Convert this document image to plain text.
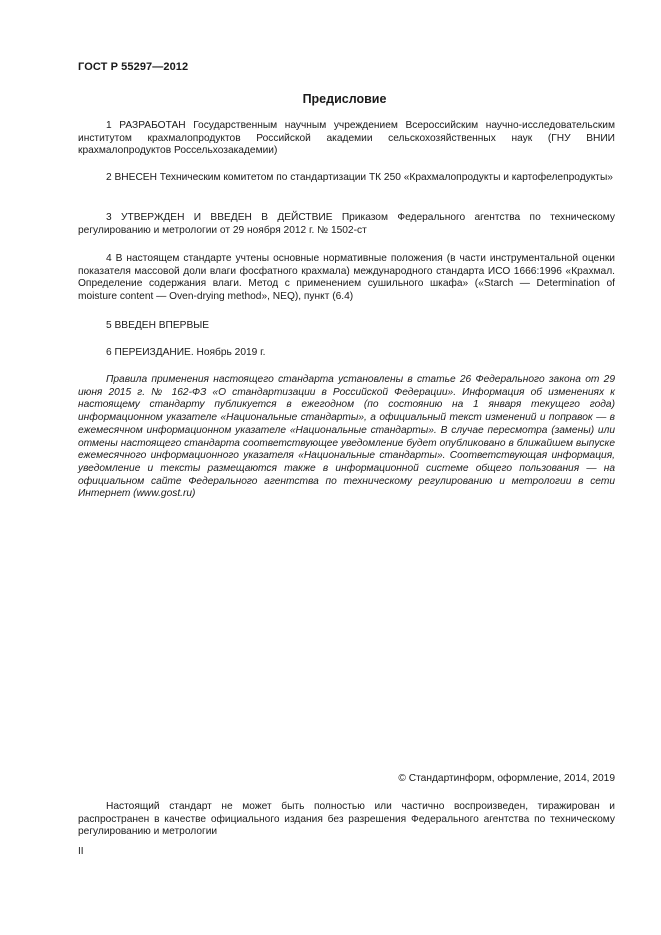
ГОСТ Р 55297—2012
Предисловие

1 РАЗРАБОТАН Государственным научным учреждением Всероссийским научно-исследовательским институтом крахмалопродуктов Российской академии сельскохозяйственных наук (ГНУ ВНИИ крахмалопродуктов Россельхозакадемии)

2 ВНЕСЕН Техническим комитетом по стандартизации ТК 250 «Крахмалопродукты и картофелепродукты»

3 УТВЕРЖДЕН И ВВЕДЕН В ДЕЙСТВИЕ Приказом Федерального агентства по техническому регулированию и метрологии от 29 ноября 2012 г. № 1502-ст

4 В настоящем стандарте учтены основные нормативные положения (в части инструментальной оценки показателя массовой доли влаги фосфатного крахмала) международного стандарта ИСО 1666:1996 «Крахмал. Определение содержания влаги. Метод с применением сушильного шкафа» («Starch — Determination of moisture content — Oven-drying method», NEQ), пункт (6.4)

5 ВВЕДЕН ВПЕРВЫЕ

6 ПЕРЕИЗДАНИЕ. Ноябрь 2019 г.

Правила применения настоящего стандарта установлены в статье 26 Федерального закона от 29 июня 2015 г. № 162-ФЗ «О стандартизации в Российской Федерации». Информация об изменениях к настоящему стандарту публикуется в ежегодном (по состоянию на 1 января текущего года) информационном указателе «Национальные стандарты», а официальный текст изменений и поправок — в ежемесячном информационном указателе «Национальные стандарты». В случае пересмотра (замены) или отмены настоящего стандарта соответствующее уведомление будет опубликовано в ближайшем выпуске ежемесячного информационного указателя «Национальные стандарты». Соответствующая информация, уведомление и тексты размещаются также в информационной системе общего пользования — на официальном сайте Федерального агентства по техническому регулированию и метрологии в сети Интернет (www.gost.ru)

© Стандартинформ, оформление, 2014, 2019

Настоящий стандарт не может быть полностью или частично воспроизведен, тиражирован и распространен в качестве официального издания без разрешения Федерального агентства по техническому регулированию и метрологии

II
